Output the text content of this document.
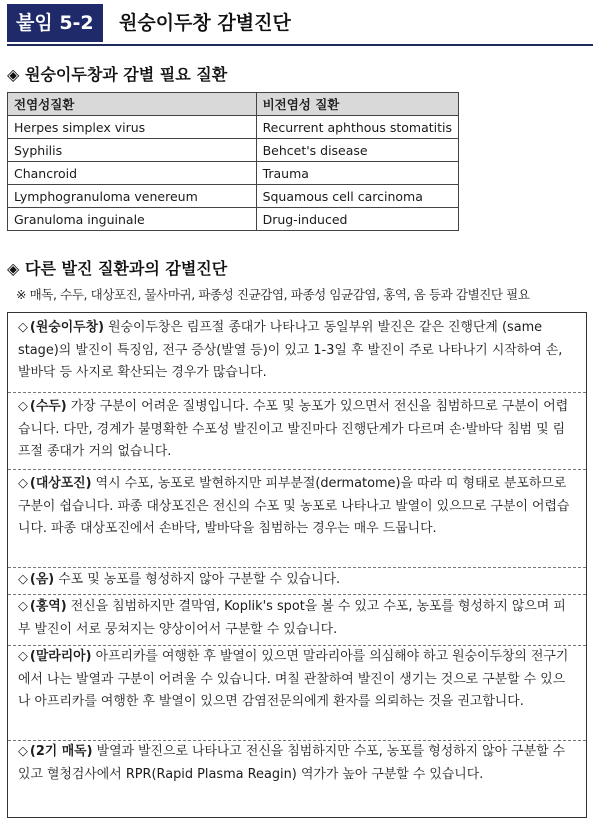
붙임 5-2	원숭이두창 감별진단
◈ 원숭이두창과 감별 필요 질환
전염성질환	비전염성 질환
Herpes simplex virus	Recurrent aphthous stomatitis
Syphilis	Behcet's disease
Chancroid	Trauma
Lymphogranuloma venereum	Squamous cell carcinoma
Granuloma inguinale	Drug-induced
◈ 다른 발진 질환과의 감별진단
※ 매독, 수두, 대상포진, 물사마귀, 파종성 진균감염, 파종성 임균감염, 홍역, 옴 등과 감별진단 필요
◇ (원숭이두창) 원숭이두창은 림프절 종대가 나타나고 동일부위 발진은 같은 진행단계 (same stage)의 발진이 특징임, 전구 증상(발열 등)이 있고 1-3일 후 발진이 주로 나타나기 시작하여 손, 발바닥 등 사지로 확산되는 경우가 많습니다.
◇ (수두) 가장 구분이 어려운 질병입니다. 수포 및 농포가 있으면서 전신을 침범하므로 구분이 어렵습니다. 다만, 경계가 불명확한 수포성 발진이고 발진마다 진행단계가 다르며 손·발바닥 침범 및 림프절 종대가 거의 없습니다.
◇ (대상포진) 역시 수포, 농포로 발현하지만 피부분절(dermatome)을 따라 띠 형태로 분포하므로 구분이 쉽습니다. 파종 대상포진은 전신의 수포 및 농포로 나타나고 발열이 있으므로 구분이 어렵습니다. 파종 대상포진에서 손바닥, 발바닥을 침범하는 경우는 매우 드뭅니다.
◇ (옴) 수포 및 농포를 형성하지 않아 구분할 수 있습니다.
◇ (홍역) 전신을 침범하지만 결막염, Koplik's spot을 볼 수 있고 수포, 농포를 형성하지 않으며 피부 발진이 서로 뭉쳐지는 양상이어서 구분할 수 있습니다.
◇ (말라리아) 아프리카를 여행한 후 발열이 있으면 말라리아를 의심해야 하고 원숭이두창의 전구기에서 나는 발열과 구분이 어려울 수 있습니다. 며칠 관찰하여 발진이 생기는 것으로 구분할 수 있으나 아프리카를 여행한 후 발열이 있으면 감염전문의에게 환자를 의뢰하는 것을 권고합니다.
◇ (2기 매독) 발열과 발진으로 나타나고 전신을 침범하지만 수포, 농포를 형성하지 않아 구분할 수 있고 혈청검사에서 RPR(Rapid Plasma Reagin) 역가가 높아 구분할 수 있습니다.
